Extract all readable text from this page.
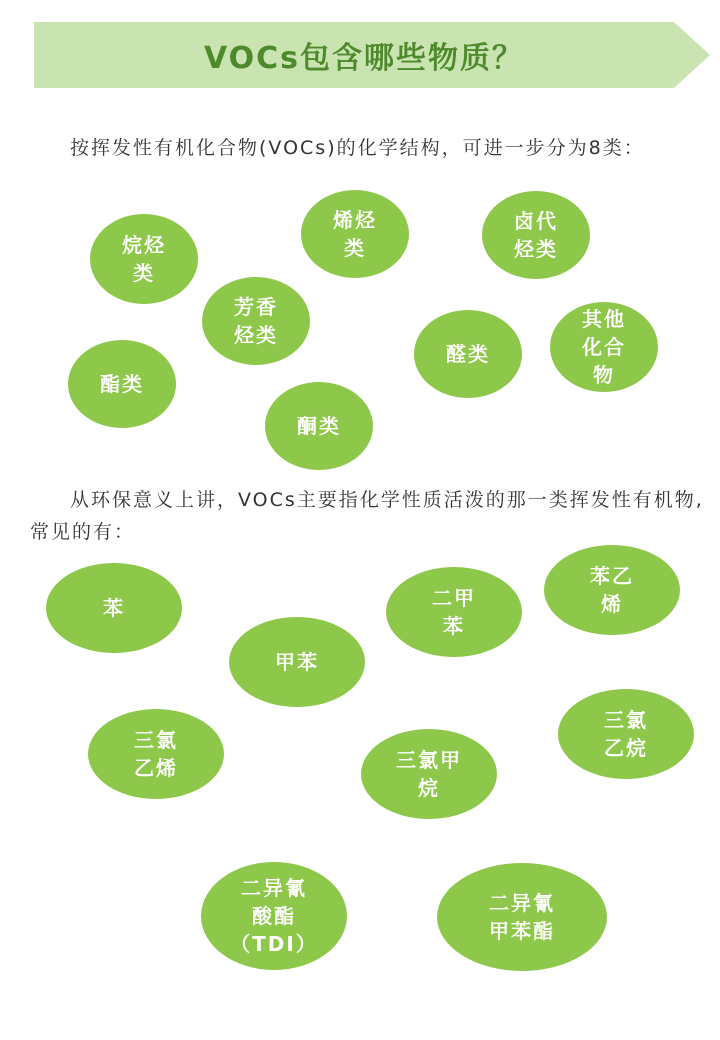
VOCs包含哪些物质？
按挥发性有机化合物(VOCs)的化学结构，可进一步分为8类：
烷烃
类
烯烃
类
卤代
烃类
芳香
烃类
醛类
其他
化合
物
酯类
酮类
从环保意义上讲，VOCs主要指化学性质活泼的那一类挥发性有机物,常见的有：
苯	二甲
苯
苯乙
烯
甲苯
三氯
乙烯	三氯甲
烷
三氯
乙烷
二异氰
酸酯
（TDI）
二异氰
甲苯酯
